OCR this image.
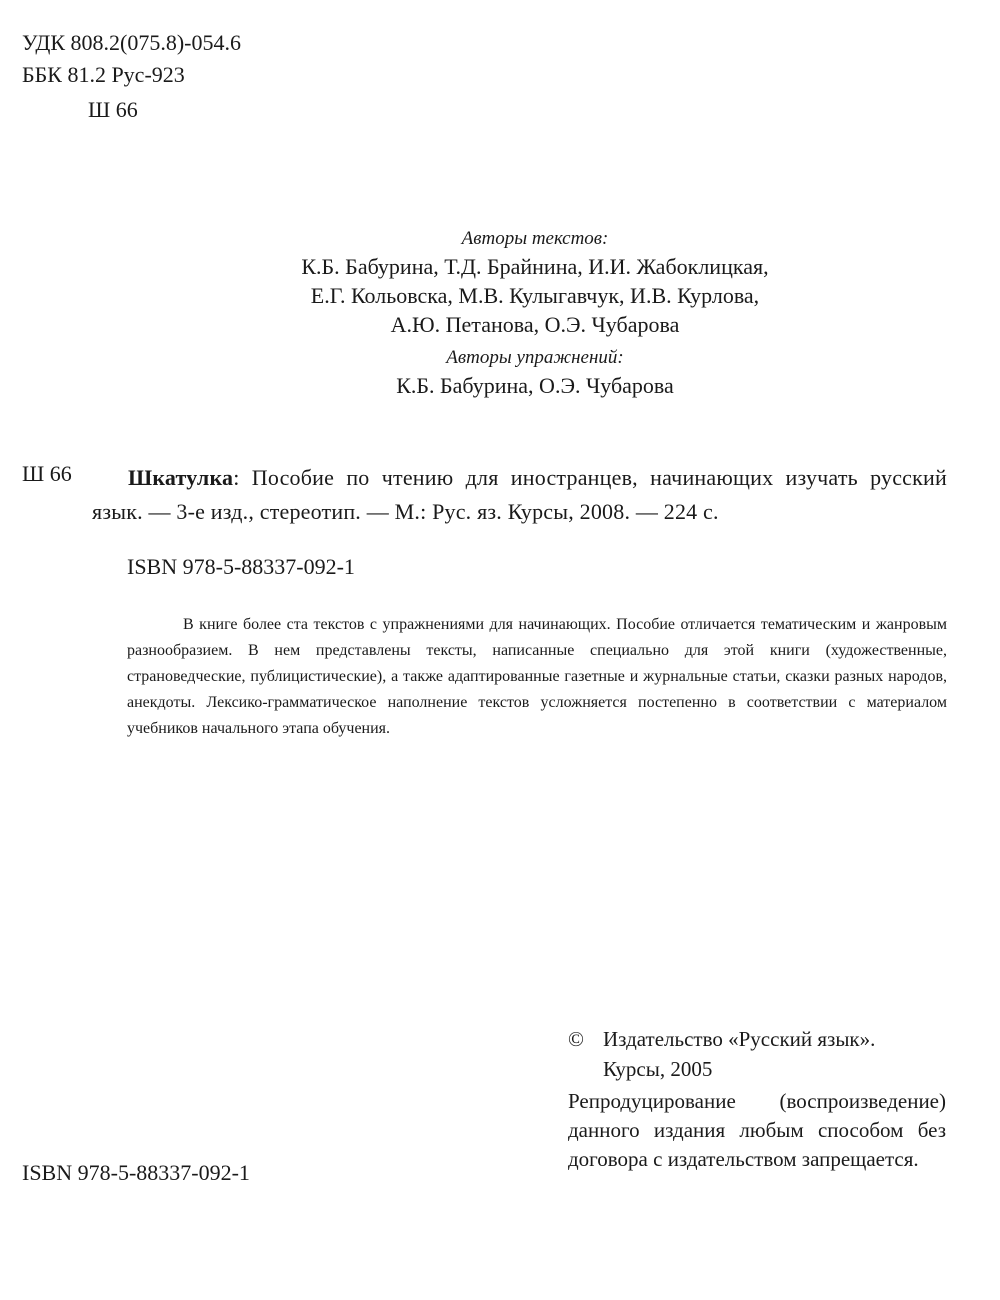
УДК 808.2(075.8)-054.6
ББК 81.2 Рус-923
Ш 66
Авторы текстов:
К.Б. Бабурина, Т.Д. Брайнина, И.И. Жабоклицкая,
Е.Г. Кольовска, М.В. Кулыгавчук, И.В. Курлова,
А.Ю. Петанова, О.Э. Чубарова
Авторы упражнений:
К.Б. Бабурина, О.Э. Чубарова
Ш 66	Шкатулка: Пособие по чтению для иностранцев, начинающих изучать русский язык. — 3-е изд., стереотип. — М.: Рус. яз. Курсы, 2008. — 224 с.
ISBN 978-5-88337-092-1
В книге более ста текстов с упражнениями для начинающих. Пособие отличается тематическим и жанровым разнообразием. В нем представлены тексты, написанные специально для этой книги (художественные, страноведческие, публицистические), а также адаптированные газетные и журнальные статьи, сказки разных народов, анекдоты. Лексико-грамматическое наполнение текстов усложняется постепенно в соответствии с материалом учебников начального этапа обучения.
© Издательство «Русский язык».
Курсы, 2005
Репродуцирование (воспроизведение) данного издания любым способом без договора с издательством запрещается.
ISBN 978-5-88337-092-1
